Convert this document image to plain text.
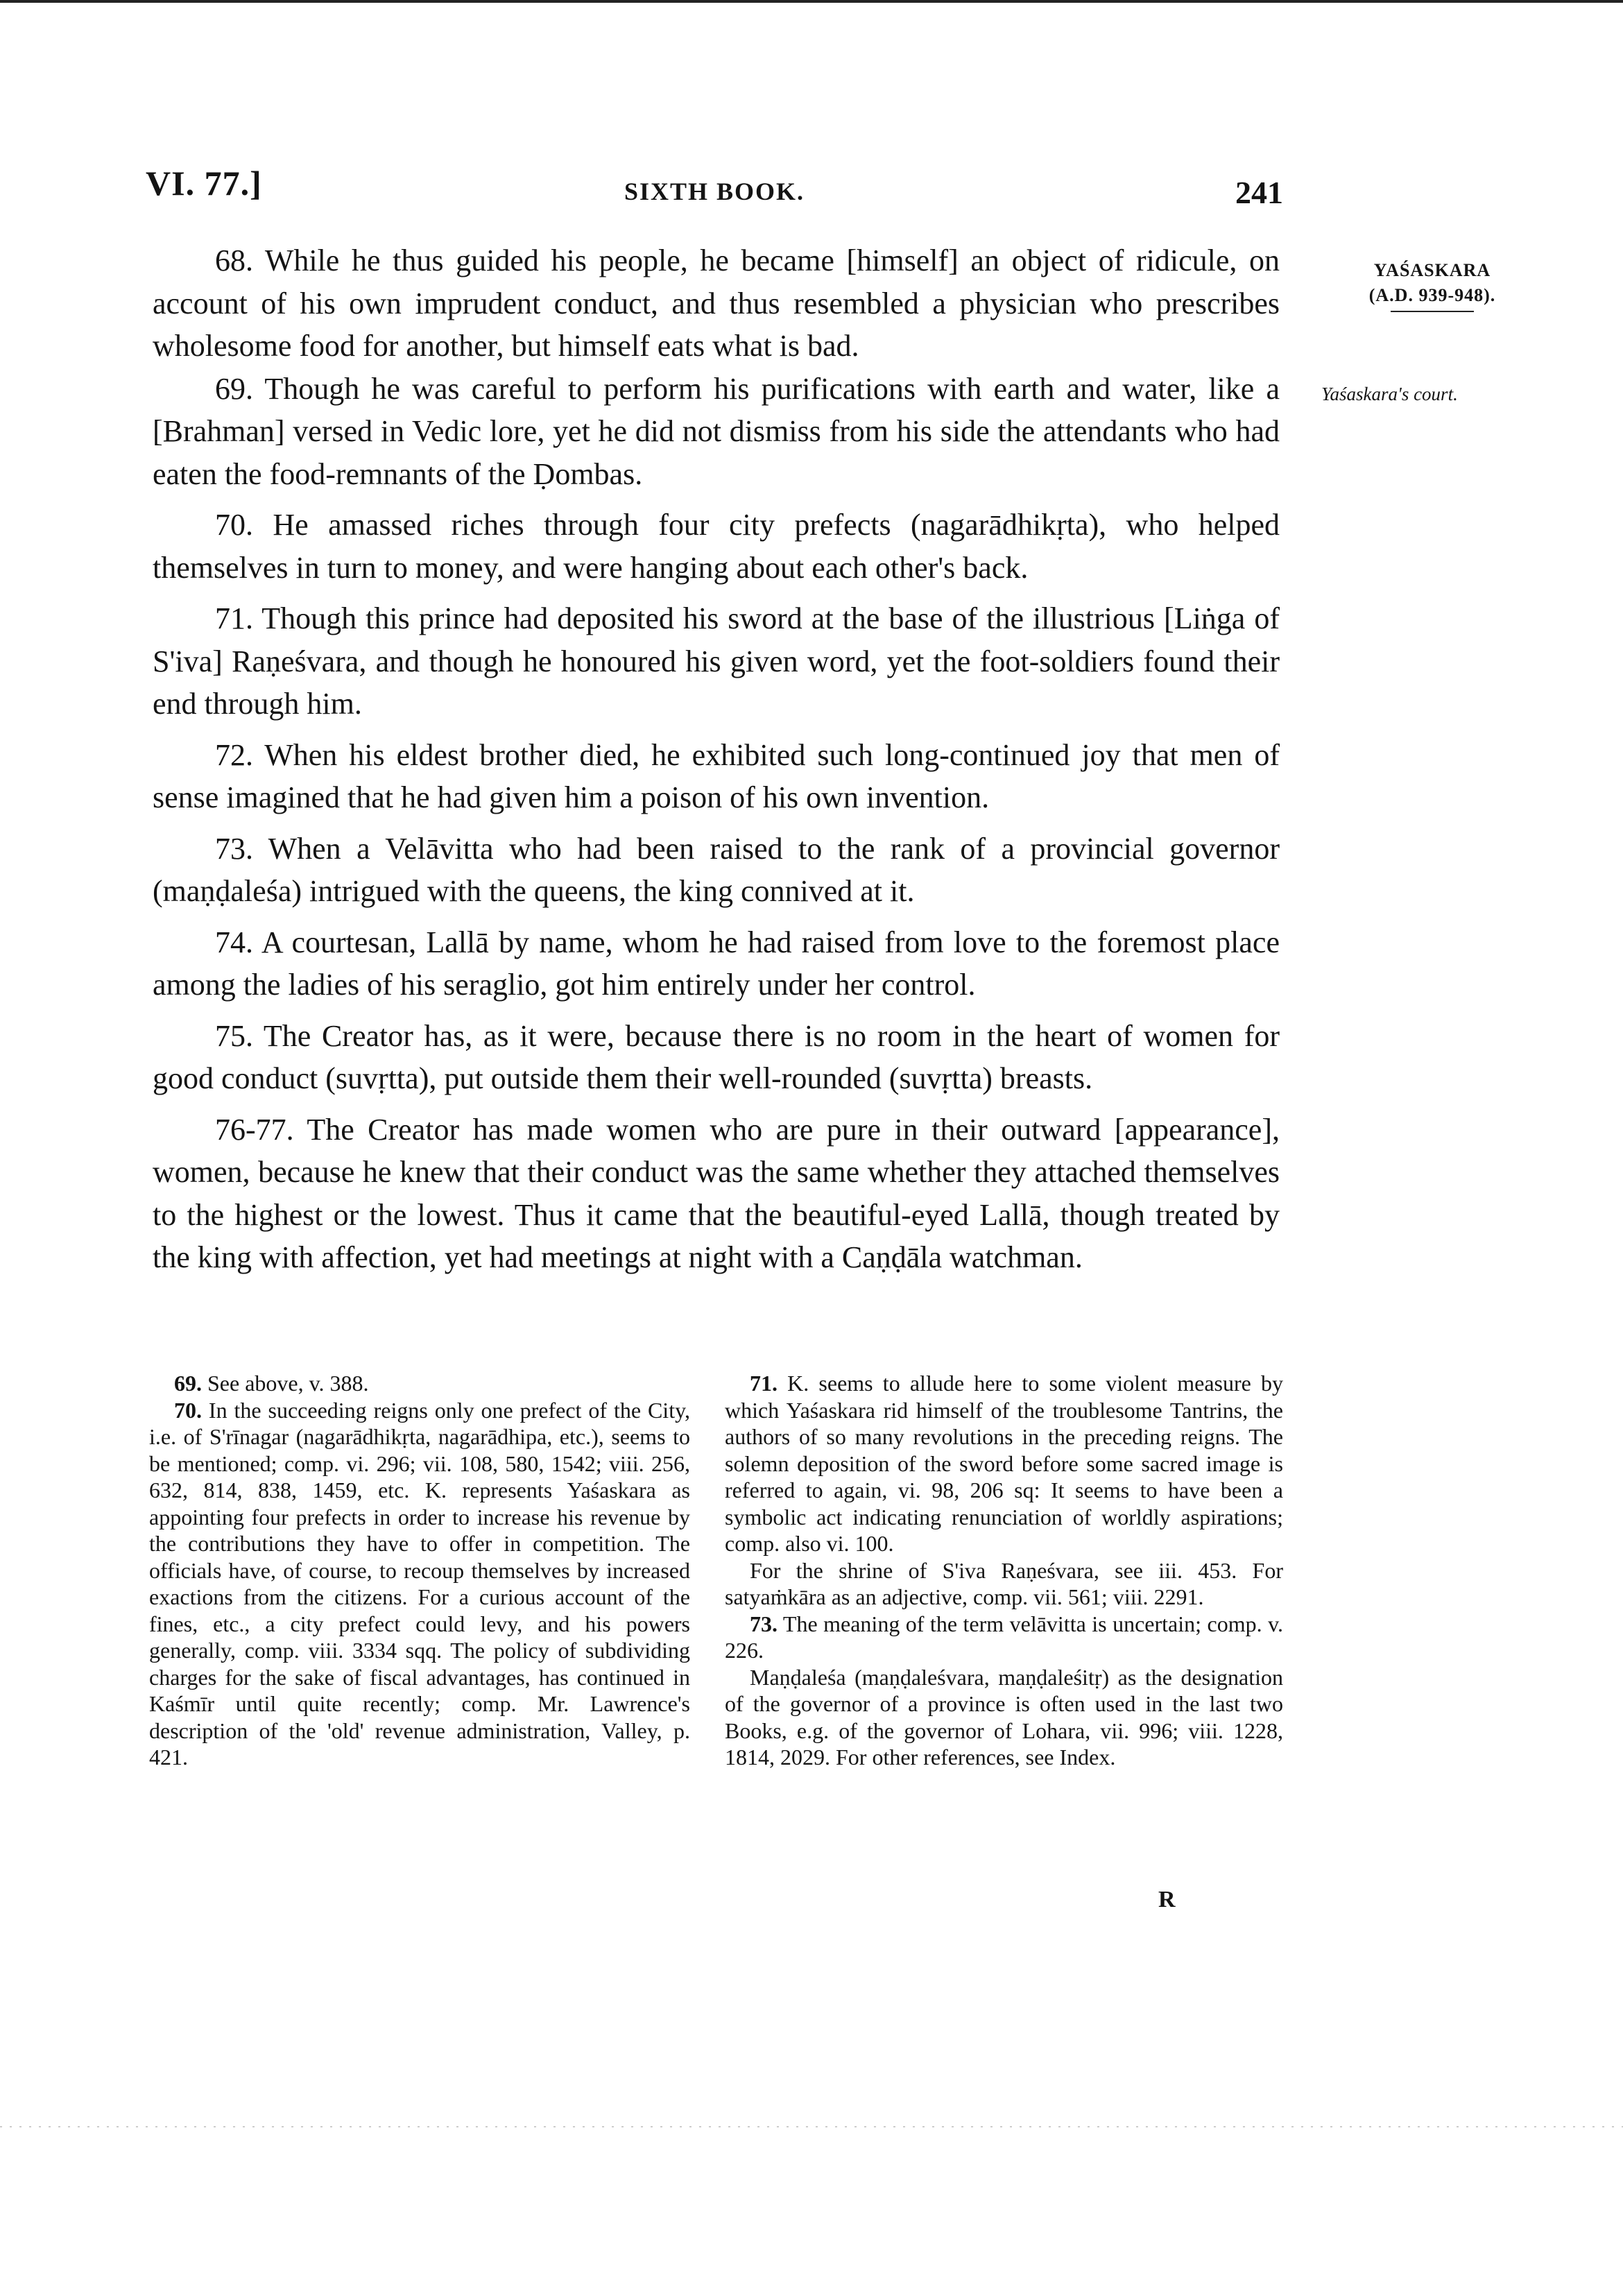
VI. 77.]	SIXTH BOOK.	241
YAŚASKARA
(A.D. 939-948).
Yaśaskara's court.

68. While he thus guided his people, he became [himself] an object of ridicule, on account of his own imprudent conduct, and thus resembled a physician who prescribes wholesome food for another, but himself eats what is bad.

69. Though he was careful to perform his purifications with earth and water, like a [Brahman] versed in Vedic lore, yet he did not dismiss from his side the attendants who had eaten the food-remnants of the Ḍombas.

70. He amassed riches through four city prefects (nagarādhikṛta), who helped themselves in turn to money, and were hanging about each other's back.

71. Though this prince had deposited his sword at the base of the illustrious [Liṅga of S'iva] Raṇeśvara, and though he honoured his given word, yet the foot-soldiers found their end through him.

72. When his eldest brother died, he exhibited such long-continued joy that men of sense imagined that he had given him a poison of his own invention.

73. When a Velāvitta who had been raised to the rank of a provincial governor (maṇḍaleśa) intrigued with the queens, the king connived at it.

74. A courtesan, Lallā by name, whom he had raised from love to the foremost place among the ladies of his seraglio, got him entirely under her control.

75. The Creator has, as it were, because there is no room in the heart of women for good conduct (suvṛtta), put outside them their well-rounded (suvṛtta) breasts.

76-77. The Creator has made women who are pure in their outward [appearance], women, because he knew that their conduct was the same whether they attached themselves to the highest or the lowest. Thus it came that the beautiful-eyed Lallā, though treated by the king with affection, yet had meetings at night with a Caṇḍāla watchman.

69. See above, v. 388.

70. In the succeeding reigns only one prefect of the City, i.e. of S'rīnagar (nagarādhikṛta, nagarādhipa, etc.), seems to be mentioned; comp. vi. 296; vii. 108, 580, 1542; viii. 256, 632, 814, 838, 1459, etc. K. represents Yaśaskara as appointing four prefects in order to increase his revenue by the contributions they have to offer in competition. The officials have, of course, to recoup themselves by increased exactions from the citizens. For a curious account of the fines, etc., a city prefect could levy, and his powers generally, comp. viii. 3334 sqq. The policy of subdividing charges for the sake of fiscal advantages, has continued in Kaśmīr until quite recently; comp. Mr. Lawrence's description of the 'old' revenue administration, Valley, p. 421.

71. K. seems to allude here to some violent measure by which Yaśaskara rid himself of the troublesome Tantrins, the authors of so many revolutions in the preceding reigns. The solemn deposition of the sword before some sacred image is referred to again, vi. 98, 206 sq: It seems to have been a symbolic act indicating renunciation of worldly aspirations; comp. also vi. 100.

For the shrine of S'iva Raṇeśvara, see iii. 453. For satyaṁkāra as an adjective, comp. vii. 561; viii. 2291.

73. The meaning of the term velāvitta is uncertain; comp. v. 226.

Maṇḍaleśa (maṇḍaleśvara, maṇḍaleśitṛ) as the designation of the governor of a province is often used in the last two Books, e.g. of the governor of Lohara, vii. 996; viii. 1228, 1814, 2029. For other references, see Index.

R
